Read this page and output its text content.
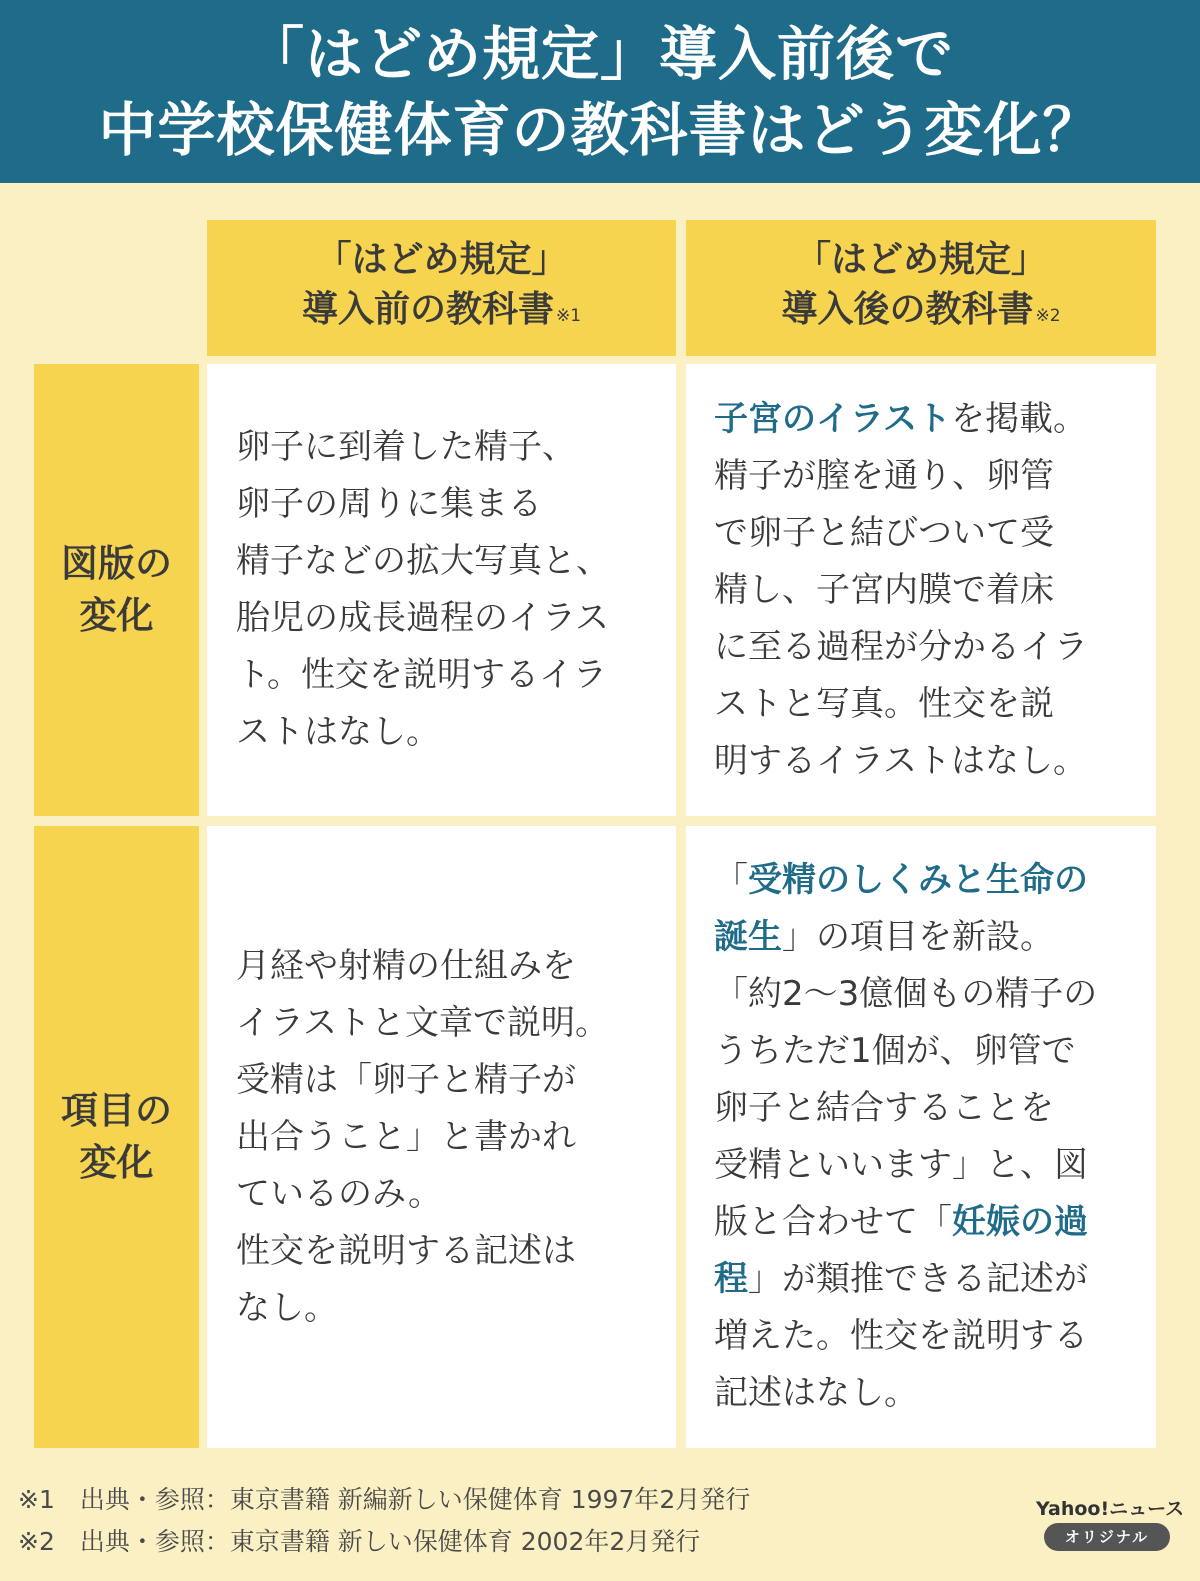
「はどめ規定」導入前後で
中学校保健体育の教科書はどう変化？
「はどめ規定」
導入前の教科書 ※1
「はどめ規定」
導入後の教科書 ※2
図版の
変化
項目の
変化
卵子に到着した精子、
卵子の周りに集まる
精子などの拡大写真と、
胎児の成長過程のイラス
ト。性交を説明するイラ
ストはなし。
子宮のイラストを掲載。
精子が膣を通り、卵管
で卵子と結びついて受
精し、子宮内膜で着床
に至る過程が分かるイラ
ストと写真。性交を説
明するイラストはなし。
月経や射精の仕組みを
イラストと文章で説明。
受精は「卵子と精子が
出合うこと」と書かれ
ているのみ。
性交を説明する記述は
なし。
「受精のしくみと生命の
誕生」の項目を新設。
「約2〜3億個もの精子の
うちただ1個が、卵管で
卵子と結合することを
受精といいます」と、図
版と合わせて「妊娠の過
程」が類推できる記述が
増えた。性交を説明する
記述はなし。
※1　出典・参照：東京書籍 新編新しい保健体育 1997年2月発行
※2　出典・参照：東京書籍 新しい保健体育 2002年2月発行
Yahoo!ニュース
オリジナル
